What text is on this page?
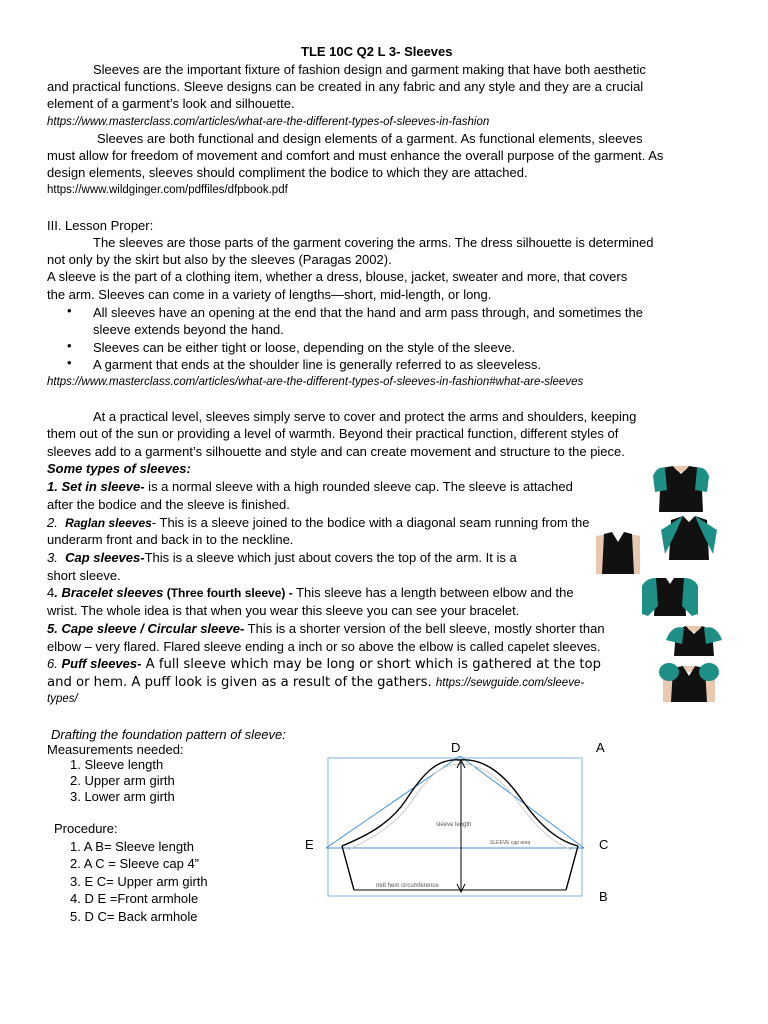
TLE 10C Q2 L 3- Sleeves
Sleeves are the important fixture of fashion design and garment making that have both aesthetic
and practical functions. Sleeve designs can be created in any fabric and any style and they are a crucial
element of a garment’s look and silhouette.
https://www.masterclass.com/articles/what-are-the-different-types-of-sleeves-in-fashion
Sleeves are both functional and design elements of a garment. As functional elements, sleeves
must allow for freedom of movement and comfort and must enhance the overall purpose of the garment. As
design elements, sleeves should compliment the bodice to which they are attached.
https://www.wildginger.com/pdffiles/dfpbook.pdf
III. Lesson Proper:
The sleeves are those parts of the garment covering the arms. The dress silhouette is determined
not only by the skirt but also by the sleeves (Paragas 2002).
A sleeve is the part of a clothing item, whether a dress, blouse, jacket, sweater and more, that covers
the arm. Sleeves can come in a variety of lengths—short, mid-length, or long.
• All sleeves have an opening at the end that the hand and arm pass through, and sometimes the
sleeve extends beyond the hand.
• Sleeves can be either tight or loose, depending on the style of the sleeve.
• A garment that ends at the shoulder line is generally referred to as sleeveless.
https://www.masterclass.com/articles/what-are-the-different-types-of-sleeves-in-fashion#what-are-sleeves
At a practical level, sleeves simply serve to cover and protect the arms and shoulders, keeping
them out of the sun or providing a level of warmth. Beyond their practical function, different styles of
sleeves add to a garment’s silhouette and style and can create movement and structure to the piece.
Some types of sleeves:
1. Set in sleeve- is a normal sleeve with a high rounded sleeve cap. The sleeve is attached
after the bodice and the sleeve is finished.
2. Raglan sleeves- This is a sleeve joined to the bodice with a diagonal seam running from the
underarm front and back in to the neckline.
3. Cap sleeves-This is a sleeve which just about covers the top of the arm. It is a
short sleeve.
4. Bracelet sleeves (Three fourth sleeve) - This sleeve has a length between elbow and the
wrist. The whole idea is that when you wear this sleeve you can see your bracelet.
5. Cape sleeve / Circular sleeve- This is a shorter version of the bell sleeve, mostly shorter than
elbow – very flared. Flared sleeve ending a inch or so above the elbow is called capelet sleeves.
6. Puff sleeves- A full sleeve which may be long or short which is gathered at the top
and or hem. A puff look is given as a result of the gathers. https://sewguide.com/sleeve-
types/
Drafting the foundation pattern of sleeve:
Measurements needed:
1. Sleeve length
2. Upper arm girth
3. Lower arm girth
Procedure:
1. A B= Sleeve length
2. A C = Sleeve cap 4”
3. E C= Upper arm girth
4. D E =Front armhole
5. D C= Back armhole
D	A
E	C
B
sleeve length
SLEEVE cap area
nett hem circumference
